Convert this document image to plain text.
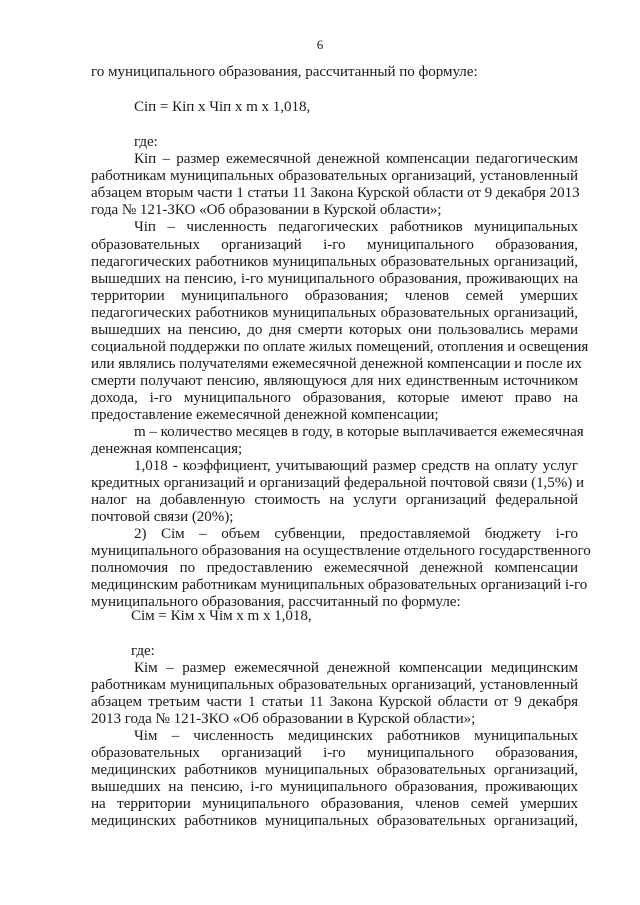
6
го муниципального образования, рассчитанный по формуле:
Сіп = Кіп х Чіп х m х 1,018,
где:
Кіп – размер ежемесячной денежной компенсации педагогическим
работникам муниципальных образовательных организаций, установленный
абзацем вторым части 1 статьи 11 Закона Курской области от 9 декабря 2013
года № 121-ЗКО «Об образовании в Курской области»;
Чіп – численность педагогических работников муниципальных
образовательных организаций і-го муниципального образования,
педагогических работников муниципальных образовательных организаций,
вышедших на пенсию, і-го муниципального образования, проживающих на
территории муниципального образования; членов семей умерших
педагогических работников муниципальных образовательных организаций,
вышедших на пенсию, до дня смерти которых они пользовались мерами
социальной поддержки по оплате жилых помещений, отопления и освещения
или являлись получателями ежемесячной денежной компенсации и после их
смерти получают пенсию, являющуюся для них единственным источником
дохода, і-го муниципального образования, которые имеют право на
предоставление ежемесячной денежной компенсации;
m – количество месяцев в году, в которые выплачивается ежемесячная
денежная компенсация;
1,018 - коэффициент, учитывающий размер средств на оплату услуг
кредитных организаций и организаций федеральной почтовой связи (1,5%) и
налог на добавленную стоимость на услуги организаций федеральной
почтовой связи (20%);
2) Сім – объем субвенции, предоставляемой бюджету і-го
муниципального образования на осуществление отдельного государственного
полномочия по предоставлению ежемесячной денежной компенсации
медицинским работникам муниципальных образовательных организаций і-го
муниципального образования, рассчитанный по формуле:
Сім = Кім х Чім х m х 1,018,
где:
Кім – размер ежемесячной денежной компенсации медицинским
работникам муниципальных образовательных организаций, установленный
абзацем третьим части 1 статьи 11 Закона Курской области от 9 декабря
2013 года № 121-ЗКО «Об образовании в Курской области»;
Чім – численность медицинских работников муниципальных
образовательных организаций і-го муниципального образования,
медицинских работников муниципальных образовательных организаций,
вышедших на пенсию, і-го муниципального образования, проживающих
на территории муниципального образования, членов семей умерших
медицинских работников муниципальных образовательных организаций,
